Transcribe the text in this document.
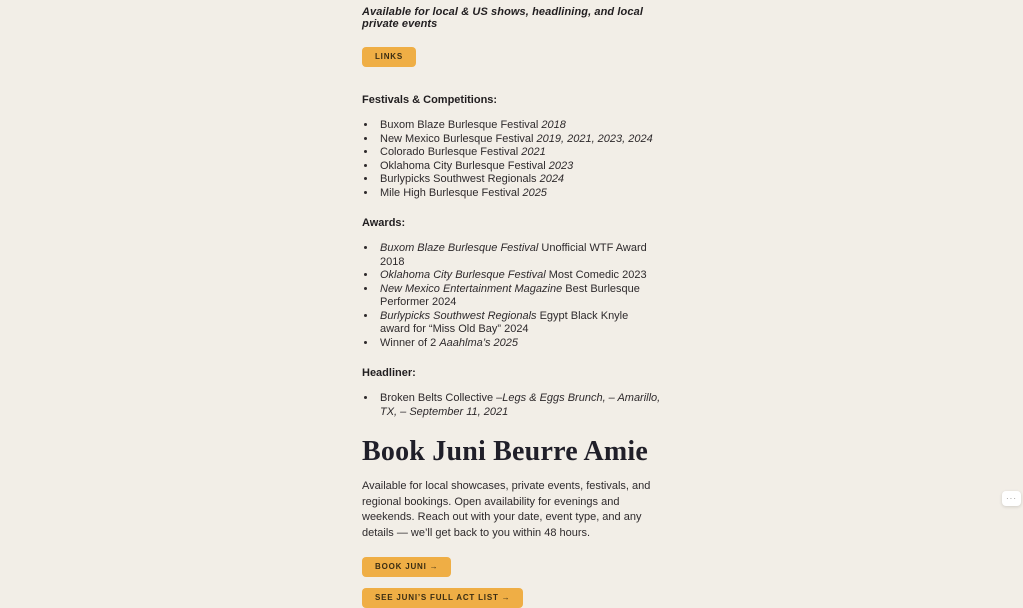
Available for local & US shows, headlining, and local private events

LINKS
Festivals & Competitions:
• Buxom Blaze Burlesque Festival 2018
• New Mexico Burlesque Festival 2019, 2021, 2023, 2024
• Colorado Burlesque Festival 2021
• Oklahoma City Burlesque Festival 2023
• Burlypicks Southwest Regionals 2024
• Mile High Burlesque Festival 2025
Awards:
• Buxom Blaze Burlesque Festival Unofficial WTF Award 2018
• Oklahoma City Burlesque Festival Most Comedic 2023
• New Mexico Entertainment Magazine Best Burlesque Performer 2024
• Burlypicks Southwest Regionals Egypt Black Knyle award for “Miss Old Bay” 2024
• Winner of 2 Aaahlma’s 2025
Headliner:
• Broken Belts Collective –Legs & Eggs Brunch, – Amarillo, TX, – September 11, 2021
Book Juni Beurre Amie

Available for local showcases, private events, festivals, and regional bookings. Open availability for evenings and weekends. Reach out with your date, event type, and any details — we’ll get back to you within 48 hours.

BOOK JUNI →
SEE JUNI’S FULL ACT LIST →
···
